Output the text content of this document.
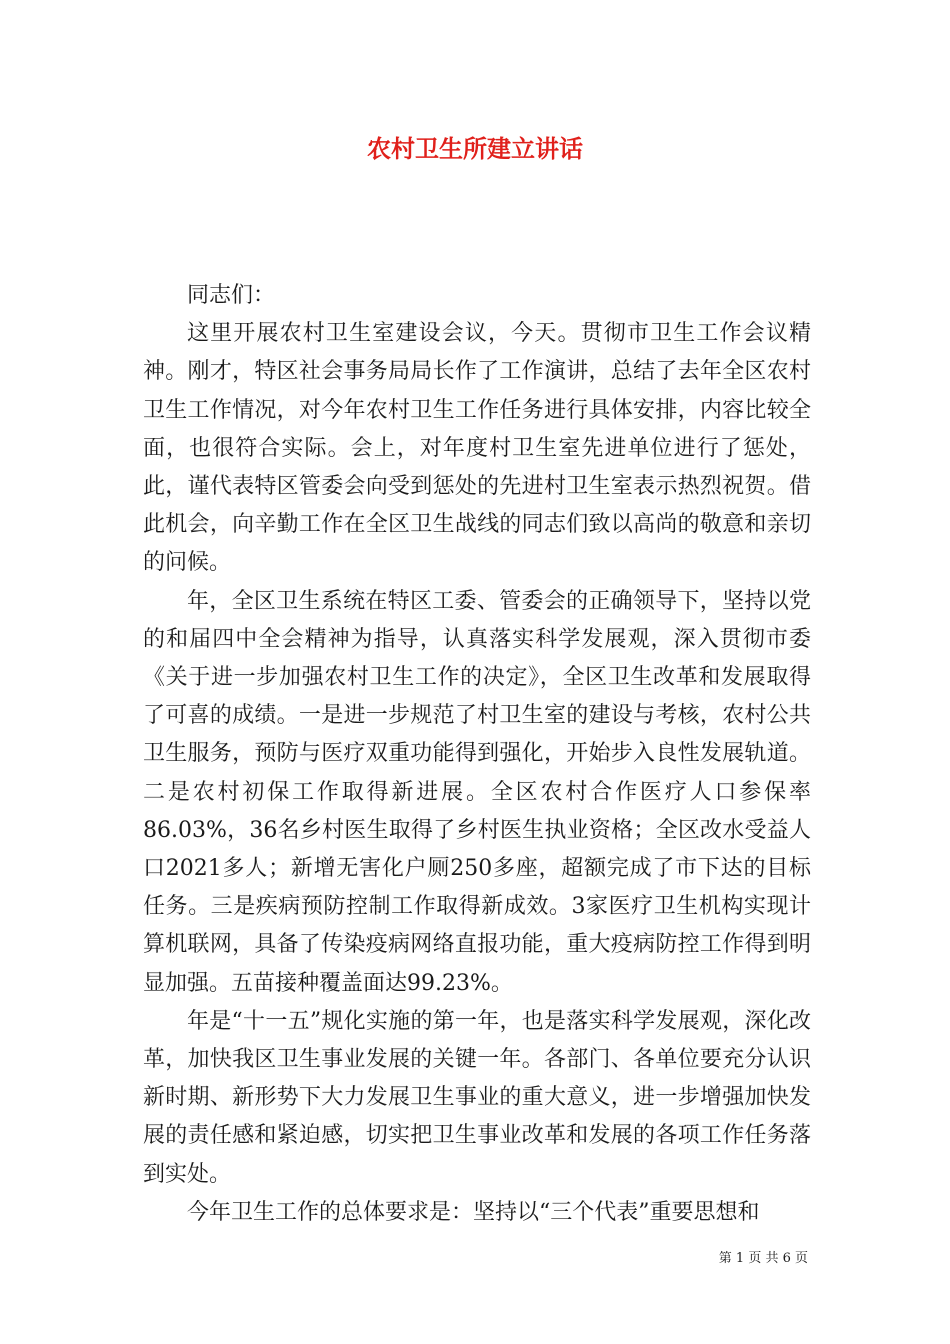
农村卫生所建立讲话

同志们：

这里开展农村卫生室建设会议，今天。贯彻市卫生工作会议精神。刚才，特区社会事务局局长作了工作演讲，总结了去年全区农村卫生工作情况，对今年农村卫生工作任务进行具体安排，内容比较全面，也很符合实际。会上，对年度村卫生室先进单位进行了惩处，此，谨代表特区管委会向受到惩处的先进村卫生室表示热烈祝贺。借此机会，向辛勤工作在全区卫生战线的同志们致以高尚的敬意和亲切的问候。

年，全区卫生系统在特区工委、管委会的正确领导下，坚持以党的和届四中全会精神为指导，认真落实科学发展观，深入贯彻市委《关于进一步加强农村卫生工作的决定》，全区卫生改革和发展取得了可喜的成绩。一是进一步规范了村卫生室的建设与考核，农村公共卫生服务，预防与医疗双重功能得到强化，开始步入良性发展轨道。二是农村初保工作取得新进展。全区农村合作医疗人口参保率86.03%，36名乡村医生取得了乡村医生执业资格；全区改水受益人口2021多人；新增无害化户厕250多座，超额完成了市下达的目标任务。三是疾病预防控制工作取得新成效。3家医疗卫生机构实现计算机联网，具备了传染疫病网络直报功能，重大疫病防控工作得到明显加强。五苗接种覆盖面达99.23%。

年是“十一五”规化实施的第一年，也是落实科学发展观，深化改革，加快我区卫生事业发展的关键一年。各部门、各单位要充分认识新时期、新形势下大力发展卫生事业的重大意义，进一步增强加快发展的责任感和紧迫感，切实把卫生事业改革和发展的各项工作任务落到实处。

今年卫生工作的总体要求是：坚持以“三个代表”重要思想和

第 1 页 共 6 页
